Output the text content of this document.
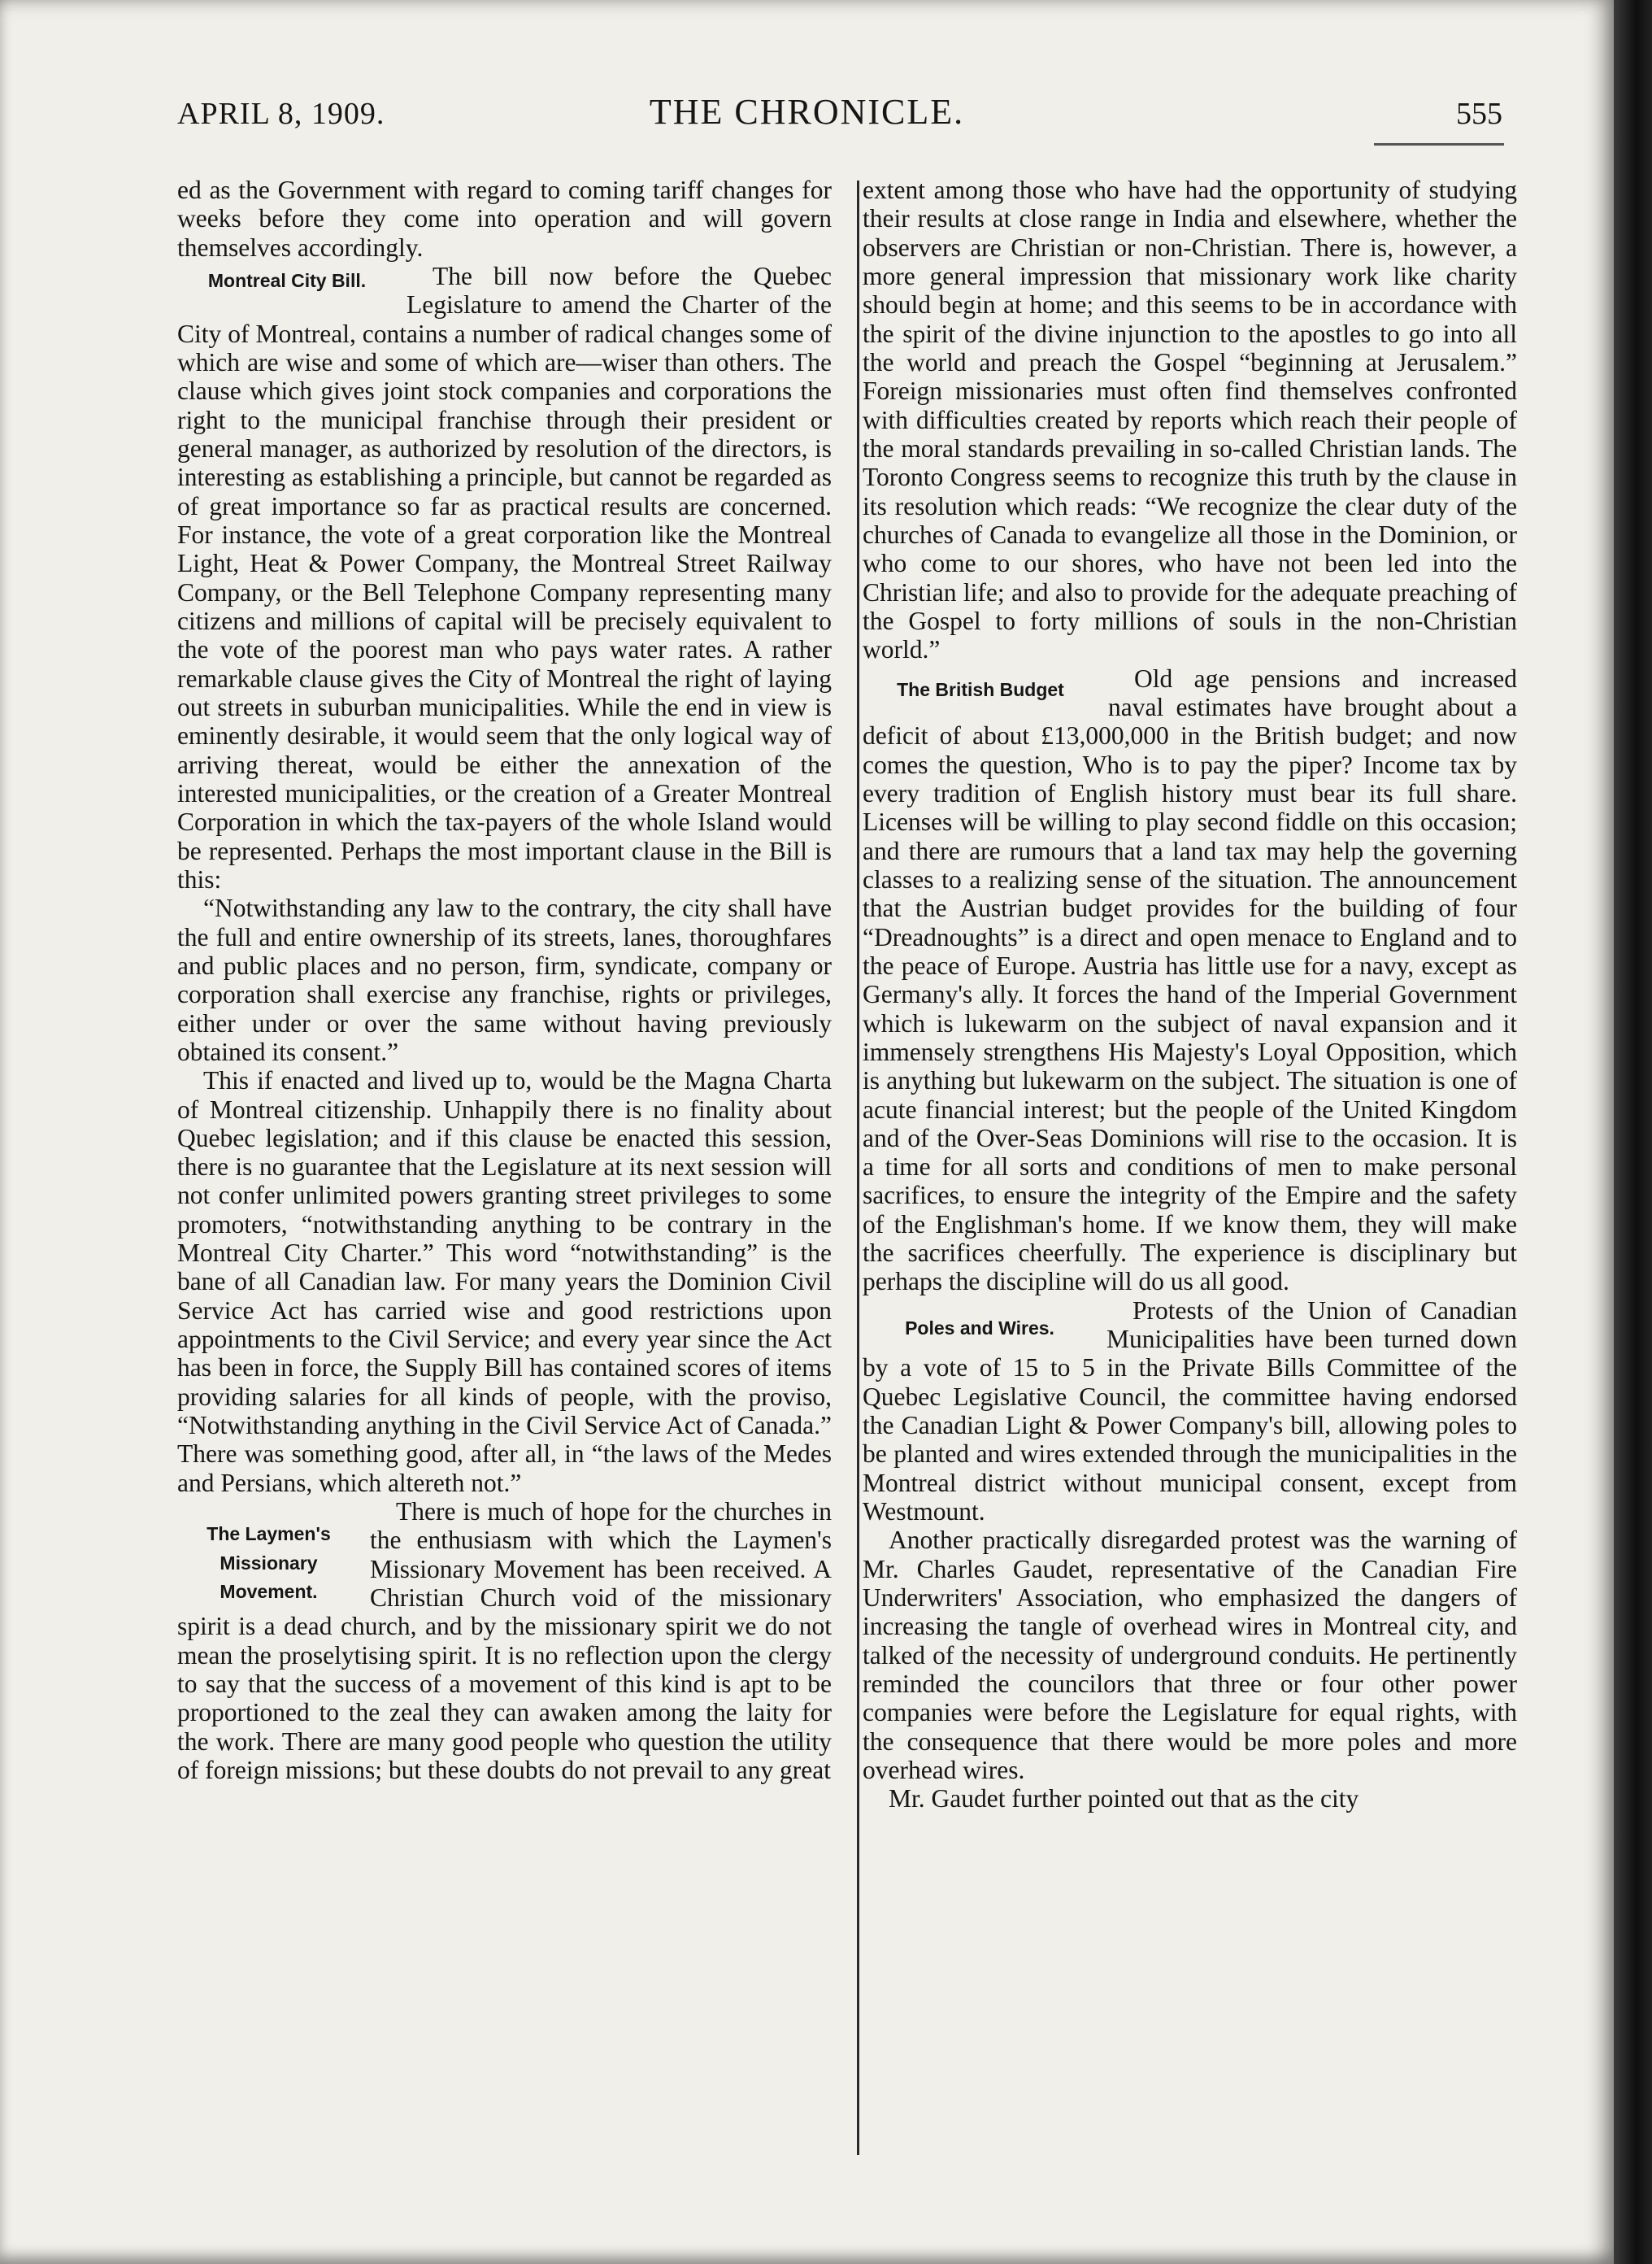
APRIL 8, 1909.	THE CHRONICLE.	555

ed as the Government with regard to coming tariff changes for weeks before they come into operation and will govern themselves accordingly.

Montreal City Bill.	The bill now before the Quebec Legislature to amend the Charter of the City of Montreal, contains a number of radical changes some of which are wise and some of which are—wiser than others. The clause which gives joint stock companies and corporations the right to the municipal franchise through their president or general manager, as authorized by resolution of the directors, is interesting as establishing a principle, but cannot be regarded as of great importance so far as practical results are concerned. For instance, the vote of a great corporation like the Montreal Light, Heat & Power Company, the Montreal Street Railway Company, or the Bell Telephone Company representing many citizens and millions of capital will be precisely equivalent to the vote of the poorest man who pays water rates. A rather remarkable clause gives the City of Montreal the right of laying out streets in suburban municipalities. While the end in view is eminently desirable, it would seem that the only logical way of arriving thereat, would be either the annexation of the interested municipalities, or the creation of a Greater Montreal Corporation in which the tax-payers of the whole Island would be represented. Perhaps the most important clause in the Bill is this:

“Notwithstanding any law to the contrary, the city shall have the full and entire ownership of its streets, lanes, thoroughfares and public places and no person, firm, syndicate, company or corporation shall exercise any franchise, rights or privileges, either under or over the same without having previously obtained its consent.”

This if enacted and lived up to, would be the Magna Charta of Montreal citizenship. Unhappily there is no finality about Quebec legislation; and if this clause be enacted this session, there is no guarantee that the Legislature at its next session will not confer unlimited powers granting street privileges to some promoters, “notwithstanding anything to be contrary in the Montreal City Charter.” This word “notwithstanding” is the bane of all Canadian law. For many years the Dominion Civil Service Act has carried wise and good restrictions upon appointments to the Civil Service; and every year since the Act has been in force, the Supply Bill has contained scores of items providing salaries for all kinds of people, with the proviso, “Notwithstanding anything in the Civil Service Act of Canada.” There was something good, after all, in “the laws of the Medes and Persians, which altereth not.”

The Laymen's
Missionary
Movement.

There is much of hope for the churches in the enthusiasm with which the Laymen's Missionary Movement has been received. A Christian Church void of the missionary spirit is a dead church, and by the missionary spirit we do not mean the proselytising spirit. It is no reflection upon the clergy to say that the success of a movement of this kind is apt to be proportioned to the zeal they can awaken among the laity for the work. There are many good people who question the utility of foreign missions; but these doubts do not prevail to any great

extent among those who have had the opportunity of studying their results at close range in India and elsewhere, whether the observers are Christian or non-Christian. There is, however, a more general impression that missionary work like charity should begin at home; and this seems to be in accordance with the spirit of the divine injunction to the apostles to go into all the world and preach the Gospel “beginning at Jerusalem.” Foreign missionaries must often find themselves confronted with difficulties created by reports which reach their people of the moral standards prevailing in so-called Christian lands. The Toronto Congress seems to recognize this truth by the clause in its resolution which reads: “We recognize the clear duty of the churches of Canada to evangelize all those in the Dominion, or who come to our shores, who have not been led into the Christian life; and also to provide for the adequate preaching of the Gospel to forty millions of souls in the non-Christian world.”

The British Budget	Old age pensions and increased naval estimates have brought about a deficit of about £13,000,000 in the British budget; and now comes the question, Who is to pay the piper? Income tax by every tradition of English history must bear its full share. Licenses will be willing to play second fiddle on this occasion; and there are rumours that a land tax may help the governing classes to a realizing sense of the situation. The announcement that the Austrian budget provides for the building of four “Dreadnoughts” is a direct and open menace to England and to the peace of Europe. Austria has little use for a navy, except as Germany's ally. It forces the hand of the Imperial Government which is lukewarm on the subject of naval expansion and it immensely strengthens His Majesty's Loyal Opposition, which is anything but lukewarm on the subject. The situation is one of acute financial interest; but the people of the United Kingdom and of the Over-Seas Dominions will rise to the occasion. It is a time for all sorts and conditions of men to make personal sacrifices, to ensure the integrity of the Empire and the safety of the Englishman's home. If we know them, they will make the sacrifices cheerfully. The experience is disciplinary but perhaps the discipline will do us all good.

Poles and Wires.

Protests of the Union of Canadian Municipalities have been turned down by a vote of 15 to 5 in the Private Bills Committee of the Quebec Legislative Council, the committee having endorsed the Canadian Light & Power Company's bill, allowing poles to be planted and wires extended through the municipalities in the Montreal district without municipal consent, except from Westmount.

Another practically disregarded protest was the warning of Mr. Charles Gaudet, representative of the Canadian Fire Underwriters' Association, who emphasized the dangers of increasing the tangle of overhead wires in Montreal city, and talked of the necessity of underground conduits. He pertinently reminded the councilors that three or four other power companies were before the Legislature for equal rights, with the consequence that there would be more poles and more overhead wires.

Mr. Gaudet further pointed out that as the city
